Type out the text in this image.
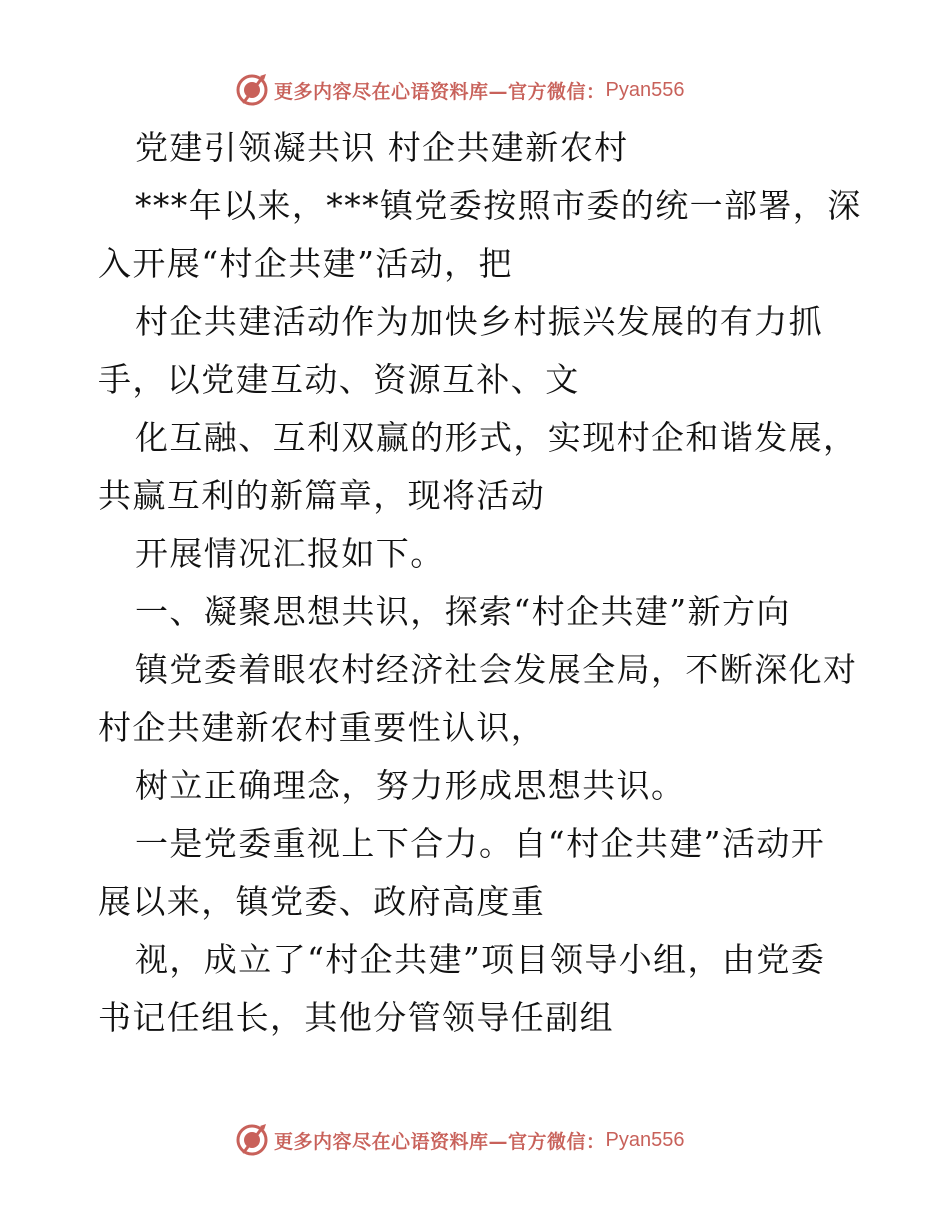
更多内容尽在心语资料库—官方微信： Pyan556
党建引领凝共识 村企共建新农村
***年以来，***镇党委按照市委的统一部署，深
入开展“村企共建”活动，把
村企共建活动作为加快乡村振兴发展的有力抓
手，以党建互动、资源互补、文
化互融、互利双赢的形式，实现村企和谐发展，
共赢互利的新篇章，现将活动
开展情况汇报如下。
一、凝聚思想共识，探索“村企共建”新方向
镇党委着眼农村经济社会发展全局，不断深化对
村企共建新农村重要性认识，
树立正确理念，努力形成思想共识。
一是党委重视上下合力。自“村企共建”活动开
展以来，镇党委、政府高度重
视，成立了“村企共建”项目领导小组，由党委
书记任组长，其他分管领导任副组
更多内容尽在心语资料库—官方微信： Pyan556
